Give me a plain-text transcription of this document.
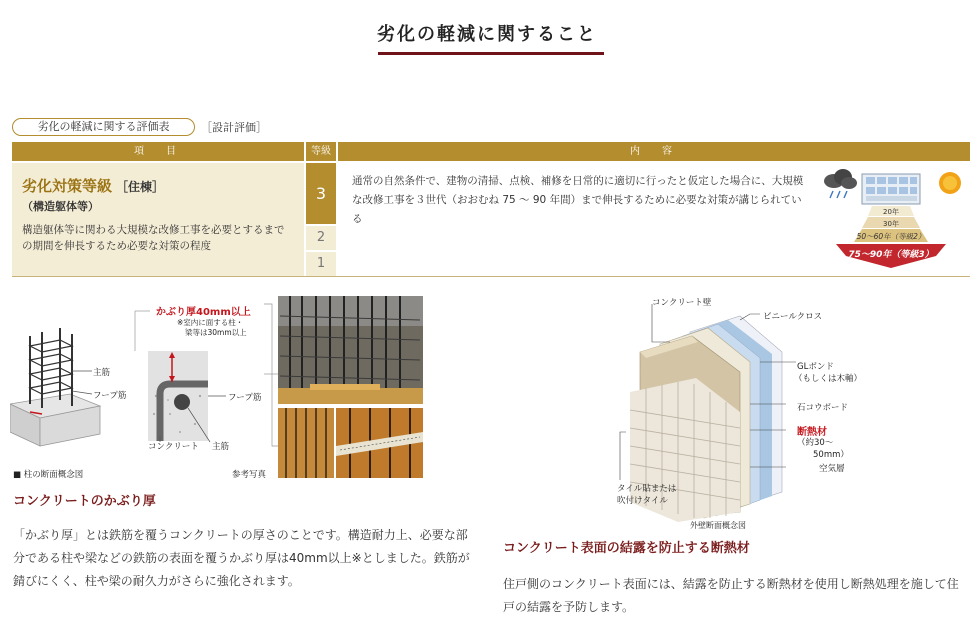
劣化の軽減に関すること
劣化の軽減に関する評価表	［設計評価］
項　目	等級	内　容
劣化対策等級 ［住棟］
（構造躯体等）
構造躯体等に関わる大規模な改修工事を必要とするまでの期間を伸長するため必要な対策の程度
3
2
1
通常の自然条件で、建物の清掃、点検、補修を日常的に適切に行ったと仮定した場合に、大規模な改修工事を３世代（おおむね 75 ～ 90 年間）まで伸長するために必要な対策が講じられている
20年
30年
50～60年（等級2）
75～90年（等級3）
かぶり厚40mm以上
※室内に面する柱・
梁等は30mm以上
主筋
フープ筋	フープ筋
コンクリート 主筋
■ 柱の断面概念図	参考写真
コンクリート壁
ビニールクロス
GLボンド
（もしくは木軸）
石コウボード
断熱材
（約30～
50mm）
空気層
タイル貼または
吹付けタイル
外壁断面概念図
コンクリートのかぶり厚
「かぶり厚」とは鉄筋を覆うコンクリートの厚さのことです。構造耐力上、必要な部分である柱や梁などの鉄筋の表面を覆うかぶり厚は40mm以上※としました。鉄筋が錆びにくく、柱や梁の耐久力がさらに強化されます。
コンクリート表面の結露を防止する断熱材
住戸側のコンクリート表面には、結露を防止する断熱材を使用し断熱処理を施して住戸の結露を予防します。
